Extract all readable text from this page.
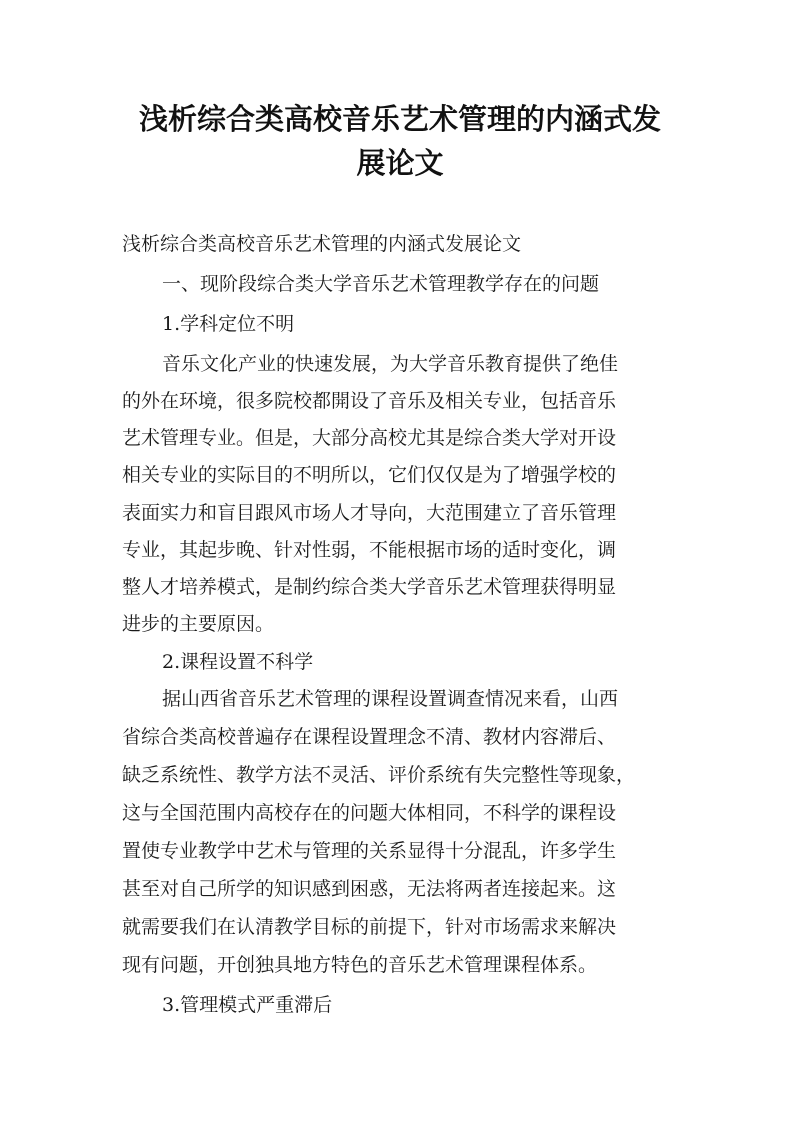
浅析综合类高校音乐艺术管理的内涵式发
展论文

浅析综合类高校音乐艺术管理的内涵式发展论文

一、现阶段综合类大学音乐艺术管理教学存在的问题

1.学科定位不明

音乐文化产业的快速发展，为大学音乐教育提供了绝佳

的外在环境，很多院校都開设了音乐及相关专业，包括音乐

艺术管理专业。但是，大部分高校尤其是综合类大学对开设

相关专业的实际目的不明所以，它们仅仅是为了增强学校的

表面实力和盲目跟风市场人才导向，大范围建立了音乐管理

专业，其起步晚、针对性弱，不能根据市场的适时变化，调

整人才培养模式，是制约综合类大学音乐艺术管理获得明显

进步的主要原因。

2.课程设置不科学

据山西省音乐艺术管理的课程设置调查情况来看，山西

省综合类高校普遍存在课程设置理念不清、教材内容滞后、

缺乏系统性、教学方法不灵活、评价系统有失完整性等现象，

这与全国范围内高校存在的问题大体相同，不科学的课程设

置使专业教学中艺术与管理的关系显得十分混乱，许多学生

甚至对自己所学的知识感到困惑，无法将两者连接起来。这

就需要我们在认清教学目标的前提下，针对市场需求来解决

现有问题，开创独具地方特色的音乐艺术管理课程体系。

3.管理模式严重滞后
